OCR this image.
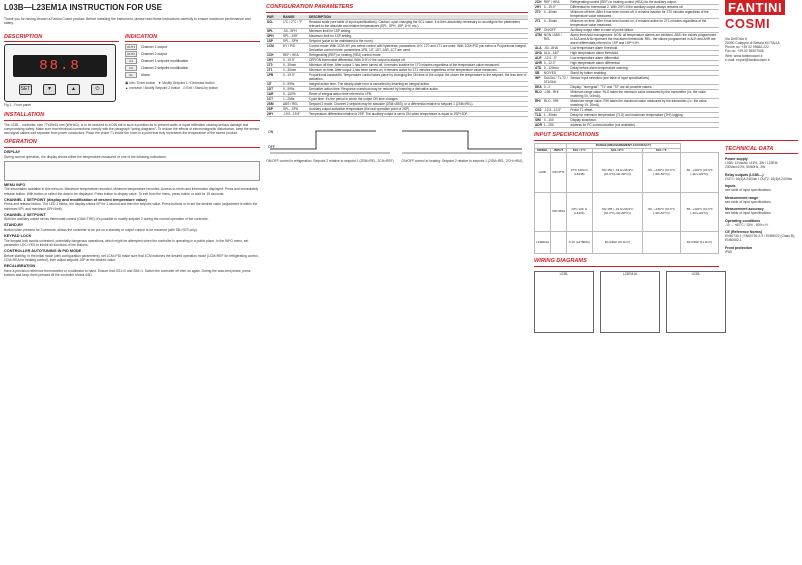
L03B—L23EM1A INSTRUCTION FOR USE
Thank you for having chosen a Fantini Cosmi product. Before installing the instrument, please read these instructions carefully to ensure maximum performance and safety.
DESCRIPTION
88.8
SET	▼	▲	⏻
Fig.1 - Front panel
INDICATION
OUT1	Channel 1 output
OUT2	Channel 2 output
C1	Channel 1 setpoint modification
C2	Channel 2 setpoint modification
AL	Alarm
▣ Info / Enter button   ▼ Modify Setpoint 1 / Decrease button
▲ Increase / Modify Setpoint 2 button   ⏻ Exit / Stand-by button
INSTALLATION
The L03B... controller, size 77x35x61 mm (WxHxD), is to be secured to a DIN rail in such a position as to prevent water or liquid infiltration causing serious damage and compromising safety. Make sure that electrical connections comply with the paragraph "wiring diagrams". To reduce the effects of electromagnetic disturbance, keep the sensor and signal cables well separate from power conductors. Place the probe T1 inside the room in a point that truly represents the temperature of the stored product.
OPERATION
DISPLAY
During normal operation, the display shows either the temperature measured or one of the following indications:
MENU INFO
The information available in this menu is: Maximum temperature recorded, Minimum temperature recorded. Access to menu and information displayed: Press and immediately release button. With button or select the data to be displayed. Press button to display value. To exit from the menu, press button or wait for 15 seconds.
CHANNEL 1 SETPOINT (display and modification of desired temperature value)
Press and release button. The LED 1 blinks, the display shows SP for 1 second and then the setpoint value. Press buttons or to set the desired value (adjustment is within the minimum SPL and maximum SPH limit).
CHANNEL 2 SETPOINT
With the auxiliary output set as thermostat control (OA6=THR), it's possible to modify setpoint 2 during the normal operation of the controller.
STAND-BY
Button when pressed for 3 seconds, allows the controller to be put on a standby or output control to be resumed (with SB=YES only).
KEYPAD LOCK
The keypad lock avoids undesired, potentially dangerous operations, which might be attempted when the controller is operating in a public place. In the INFO menu, set parameter LOC=YES to inhibit all functions of the buttons.
CONTROLLER AUTOTUNING IN PID MODE
Before starting: In the initial mode (with configuration parameters), set 1CM=PID make sure that 1CM matches the desired operation mode (1CM=REF for refrigerating control, 1CM=HEA for heating control), then adjust setpoint 1SP at the desired value.
RECALIBRATION
Have a precision reference thermometer or a calibrator to hand. Ensure that OS1=0 and SIM=1. Switch the controller off then on again. During the auto-test phase, press buttons and keep them pressed till the controller shows 0AD.
CONFIGURATION PARAMETERS
PAR	RANGE	DESCRIPTION
SCL	1°C / 2°C / °F	Readout scale (see table of input specifications). Caution: upon changing the SCL value, it is then absolutely necessary to reconfigure the parameters relevant to the absolute and relative temperatures (SPL, SPH, 1SP, 1HY, etc.).
SPL	-50...SPH	Minimum limit for 1SP setting.
SPH	SPL...199°	Maximum limit for 1SP setting.
1SP	SPL...SPH	Setpoint (value to be maintained in the room).
1CM	HY / PID	Control mode: With 1CM=HY you select control with hysteresis: parameters 1HY, 1T0 and 1T1 are used. With 1CM=PID you select a Proportional Integral Derivative control mode: parameters 1PB, 1IT, 1DT, 1AR, 1CT are used.
1CH	REF / HEA	Refrigerating (REF) or heating (HEA) control mode.
1HY	0...19.9°	OFF/ON thermostat differential. With 1HY=0 the output is always off.
1T0	0...30min	Minimum off time. After output 1 has been turned off, it remains inactive for 1T0 minutes regardless of the temperature value measured.
1T1	0...30min	Minimum on time. After output 1 has been turned on, it remains active for 1T1 minutes regardless of the temperature value measured.
1PB	0...19.9°	Proportional bandwidth. Temperature control takes place by changing the ON time of the output: the closer the temperature to the setpoint, the less time of activation.
1IT	0...999s	Integral action time. The steady-state error is cancelled by inserting an integral action.
1DT	0...999s	Derivative action time. Response overshoot may be reduced by inserting a derivative action.
1AR	0...100%	Reset of integral action time referred to 1PB.
1CT	1...255s	Cycle time. It's the period in which the output ON time changes.
2SM	ABS / REL	Setpoint 2 mode. Channel 2 setpoint may be absolute (2SM=ABS), or a differential relative to setpoint 1 (2SM=REL).
2SP	SPL...SPH	Auxiliary output activation temperature (the real operation point of 2SP).
2HY	-19.9...19.9°	Temperature differential relative to 2SP. The auxiliary output is set to ON when temperature is equal to 2SP+2DF.
ON
OFF
ON/OFF control in refrigeration: Setpoint 2 relative to setpoint 1 (2SM=REL, 2CH=REF)	ON/OFF control in heating: Setpoint 2 relative to setpoint 1 (2SM=REL, 2CH=HEA)
2CH	REF / HEA	Refrigerating control (REF) or heating control (HEA) for the auxiliary output.
2HY	0...19.9°	Differential for thermostat 2. With 2HY=0 the auxiliary output always remains off.
2T0	0...30min	Minimum off time. After it has been turned off, it remains inactive for 2T0 minutes regardless of the temperature value measured.
2T1	0...30min	Minimum on time. After it has been turned on, it remains active for 2T1 minutes regardless of the temperature value measured.
2PF	ON/OFF	Auxiliary output state in case of probe failure.
ATM	NON / ABS / REL	Alarm threshold management. NON: all temperature alarms are inhibited. ABS: the values programmed in ALA and AHA represent the real alarm thresholds. REL: the values programmed in ALR and AHR are alarm differentials referred to 1SP and 1SP+1HY.
ALA	-50...AHA	Low temperature alarm threshold.
AHA	ALA...150°	High temperature alarm threshold.
ALR	-12.0...0°	Low temperature alarm differential.
AHR	0...12.0°	High temperature alarm differential.
ATD	0...120min	Delay before alarm temperature warning.
SB	NO/YES	Stand-by button enabling.
INP	Sn4/Jt4 / T1-T2 / 0T1/0bA	Sensor input selection (see table of input specifications).
DEA	0...2	Display: "hum/grad", "T1" and "T2" are all possible values.
RLO	-199...RHI	Minimum range value. RLO takes the minimum value measured by the transmitter (i.e. the value matching 0V, 0/4mA).
RHI	RLO...999	Maximum range value. RHI takes the maximum value measured by the transmitter (i.e. the value matching 1V, 20mA).
OS1	-12.5...12.5°	Probe T1 offset.
TLD	1...30min	Delay for minimum temperature (TLO) and maximum temperature (THI) logging.
SIM	0...100	Display slowdown.
ADR	1...255	address for PC communication (not available).
FANTINI COSMI
Via Dell'Osio 6
20090 Caleppio di Settala MI ITALIA
Phone no. +39 02 95682.222
Fax no. +39 02 95307006
Web: www.fantinicosmi.it
e-mail: export@fantinicosmi.it
INPUT SPECIFICATIONS
		RANGE [MEASUREMENT ACCURACY]			
MODEL	INPUT	SCL=1°C	SCL=2°C	SCL=°F	
L03B-	INP=PT1	PTC 1000 Ω (L8138)	-50/-150 / -19.9/+99.9°C [±0.3°C(-40/+50°C)]	-50...+150°C [±0.5°C (-40/+50°C)]	-55...+302°F [±0.6°F (-40/+122°F)]
	INP=RN4	NTC 10K Ω (L8139)	-50/-155 / -19.9/+99.9°C [±0.3°C(-40/+50°C)]	-50...+150°C [±0.5°C (-40/+50°C)]	-55...+302°F [±0.6°F (-40/+122°F)]
L23EM1A		0-1V (L27800A)	RLO/RHI [±0.3mV]		RLO/RHI [±1.3mV]
TECHNICAL DATA
Power supply
L03B: 12Vac/dc ±15%, 3W / L23EM: 230Vac±10%, 50/60Hz, 3W
Relay outputs (L03B—)
OUT1: 16(4)A 240Vac / OUT2: 16(4)A 240Vac
Inputs
see table of input specifications
Measurement range
see table of input specifications
Measurement accuracy
see table of input specifications
Operating conditions
-10 ... +60°C / 15% - 80% r.H.
CE (Reference Norms)
EN60730-1; EN60730-2-9 / EN55022 (Class B); EN50082-1
Front protection
IP65
WIRING DIAGRAMS
L03B-	L23EM1A	L03B-
